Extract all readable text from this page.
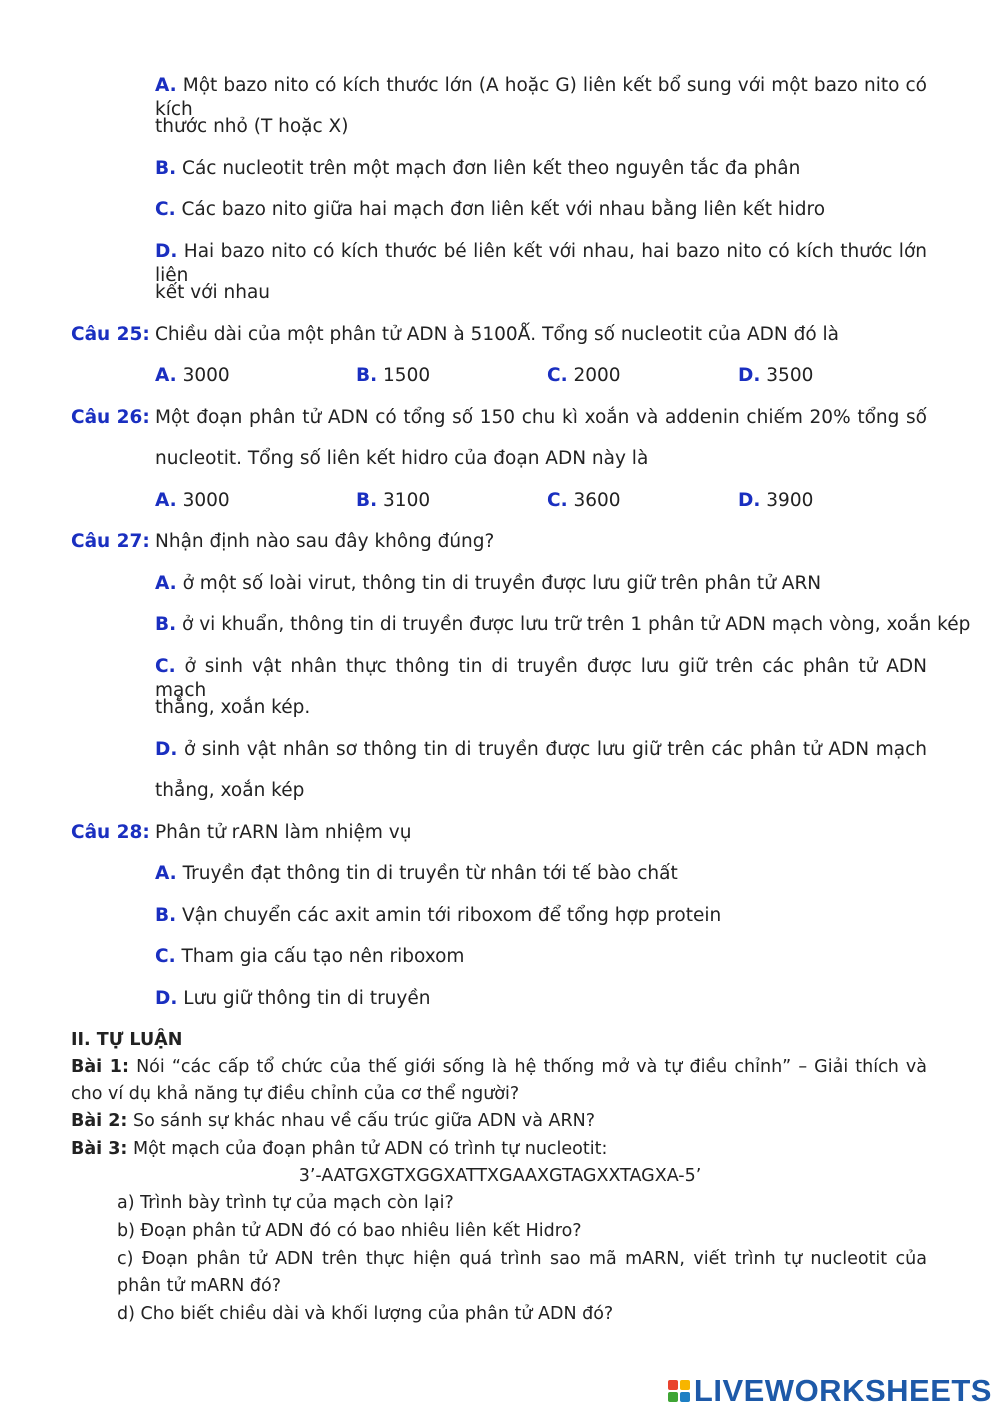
A. Một bazo nito có kích thước lớn (A hoặc G) liên kết bổ sung với một bazo nito có kích
thước nhỏ (T hoặc X)
B. Các nucleotit trên một mạch đơn liên kết theo nguyên tắc đa phân
C. Các bazo nito giữa hai mạch đơn liên kết với nhau bằng liên kết hidro
D. Hai bazo nito có kích thước bé liên kết với nhau, hai bazo nito có kích thước lớn liên
kết với nhau
Câu 25: Chiều dài của một phân tử ADN à 5100Ǻ. Tổng số nucleotit của ADN đó là
A. 3000	B. 1500	C. 2000	D. 3500
Câu 26: Một đoạn phân tử ADN có tổng số 150 chu kì xoắn và addenin chiếm 20% tổng số
nucleotit. Tổng số liên kết hidro của đoạn ADN này là
A. 3000	B. 3100	C. 3600	D. 3900
Câu 27: Nhận định nào sau đây không đúng?
A. ở một số loài virut, thông tin di truyền được lưu giữ trên phân tử ARN
B. ở vi khuẩn, thông tin di truyền được lưu trữ trên 1 phân tử ADN mạch vòng, xoắn kép
C. ở sinh vật nhân thực thông tin di truyền được lưu giữ trên các phân tử ADN mạch
thẳng, xoắn kép.
D. ở sinh vật nhân sơ thông tin di truyền được lưu giữ trên các phân tử ADN mạch
thẳng, xoắn kép
Câu 28: Phân tử rARN làm nhiệm vụ
A. Truyền đạt thông tin di truyền từ nhân tới tế bào chất
B. Vận chuyển các axit amin tới riboxom để tổng hợp protein
C. Tham gia cấu tạo nên riboxom
D. Lưu giữ thông tin di truyền
II. TỰ LUẬN
Bài 1: Nói “các cấp tổ chức của thế giới sống là hệ thống mở và tự điều chỉnh” – Giải thích và
cho ví dụ khả năng tự điều chỉnh của cơ thể người?
Bài 2: So sánh sự khác nhau về cấu trúc giữa ADN và ARN?
Bài 3: Một mạch của đoạn phân tử ADN có trình tự nucleotit:
3’-AATGXGTXGGXATTXGAAXGTAGXXTAGXA-5’
a) Trình bày trình tự của mạch còn lại?
b) Đoạn phân tử ADN đó có bao nhiêu liên kết Hidro?
c) Đoạn phân tử ADN trên thực hiện quá trình sao mã mARN, viết trình tự nucleotit của
phân tử mARN đó?
d) Cho biết chiều dài và khối lượng của phân tử ADN đó?
LIVEWORKSHEETS
